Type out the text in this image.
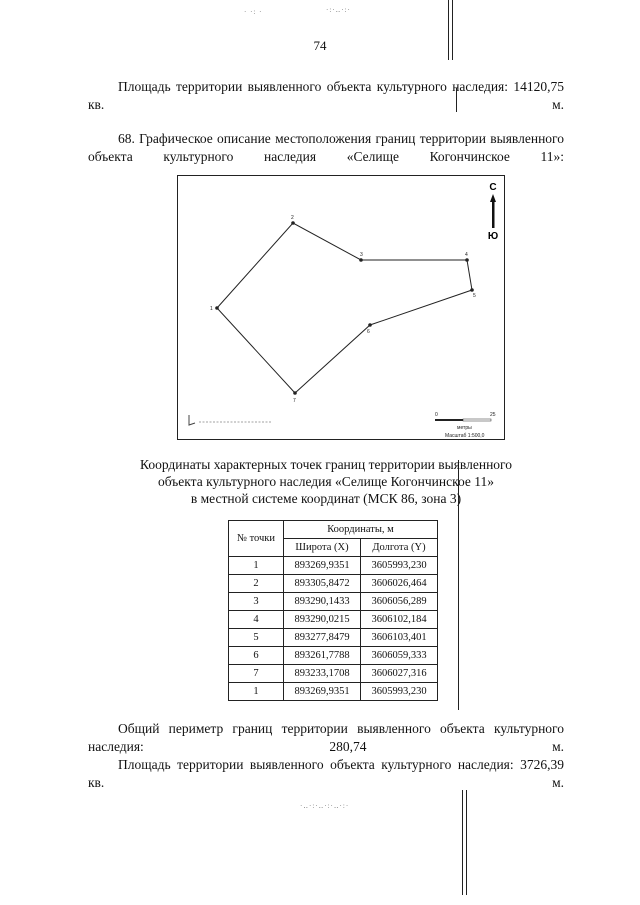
· ·: ·	·:·‥·:·
·‥·:·‥·:·‥·:·
74

Площадь территории выявленного объекта культурного наследия: 14120,75 кв. м.

68. Графическое описание местоположения границ территории выявленного объекта культурного наследия «Селище Когончинское 11»:

1
2
3	4
5
6
7
С
Ю
0	25
метры
Масштаб 1:500,0
Координаты характерных точек границ территории выявленного
объекта культурного наследия «Селище Когончинское 11»
в местной системе координат (МСК 86, зона 3)
№ точки	Координаты, м	
	Широта (X)	Долгота (Y)
1	893269,9351	3605993,230
2	893305,8472	3606026,464
3	893290,1433	3606056,289
4	893290,0215	3606102,184
5	893277,8479	3606103,401
6	893261,7788	3606059,333
7	893233,1708	3606027,316
1	893269,9351	3605993,230

Общий периметр границ территории выявленного объекта культурного наследия: 280,74 м.

Площадь территории выявленного объекта культурного наследия: 3726,39 кв. м.
